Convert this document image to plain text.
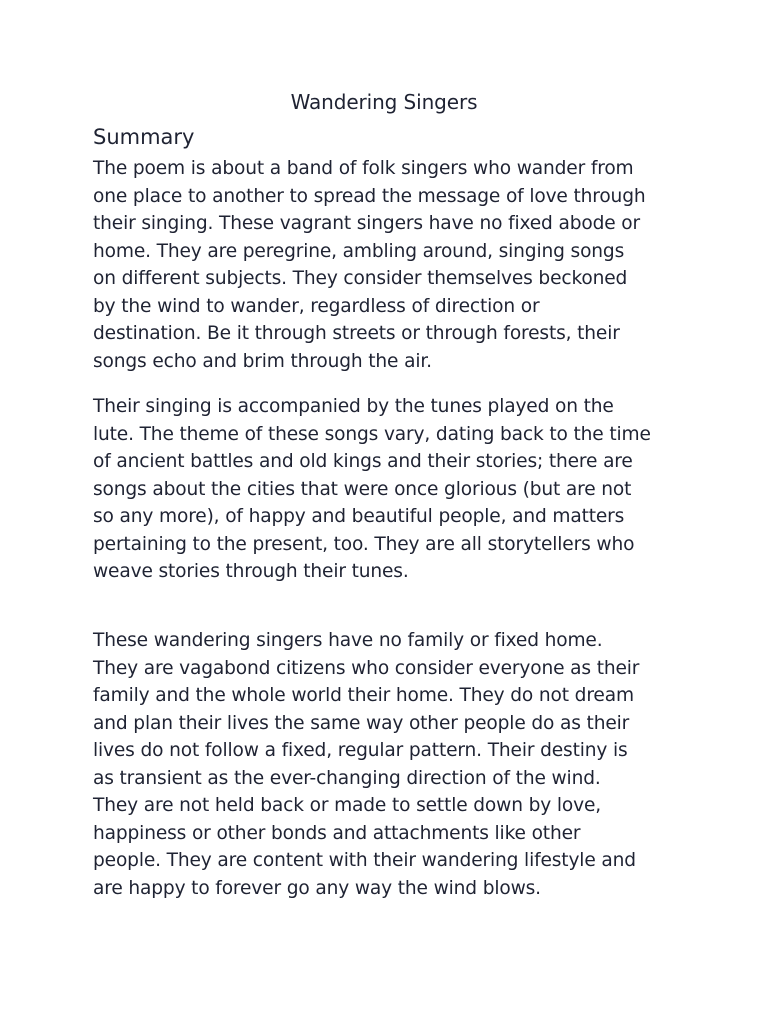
Wandering Singers
Summary

The poem is about a band of folk singers who wander from
one place to another to spread the message of love through
their singing. These vagrant singers have no fixed abode or
home. They are peregrine, ambling around, singing songs
on different subjects. They consider themselves beckoned
by the wind to wander, regardless of direction or
destination. Be it through streets or through forests, their
songs echo and brim through the air.

Their singing is accompanied by the tunes played on the
lute. The theme of these songs vary, dating back to the time
of ancient battles and old kings and their stories; there are
songs about the cities that were once glorious (but are not
so any more), of happy and beautiful people, and matters
pertaining to the present, too. They are all storytellers who
weave stories through their tunes.

These wandering singers have no family or fixed home.
They are vagabond citizens who consider everyone as their
family and the whole world their home. They do not dream
and plan their lives the same way other people do as their
lives do not follow a fixed, regular pattern. Their destiny is
as transient as the ever-changing direction of the wind.
They are not held back or made to settle down by love,
happiness or other bonds and attachments like other
people. They are content with their wandering lifestyle and
are happy to forever go any way the wind blows.
